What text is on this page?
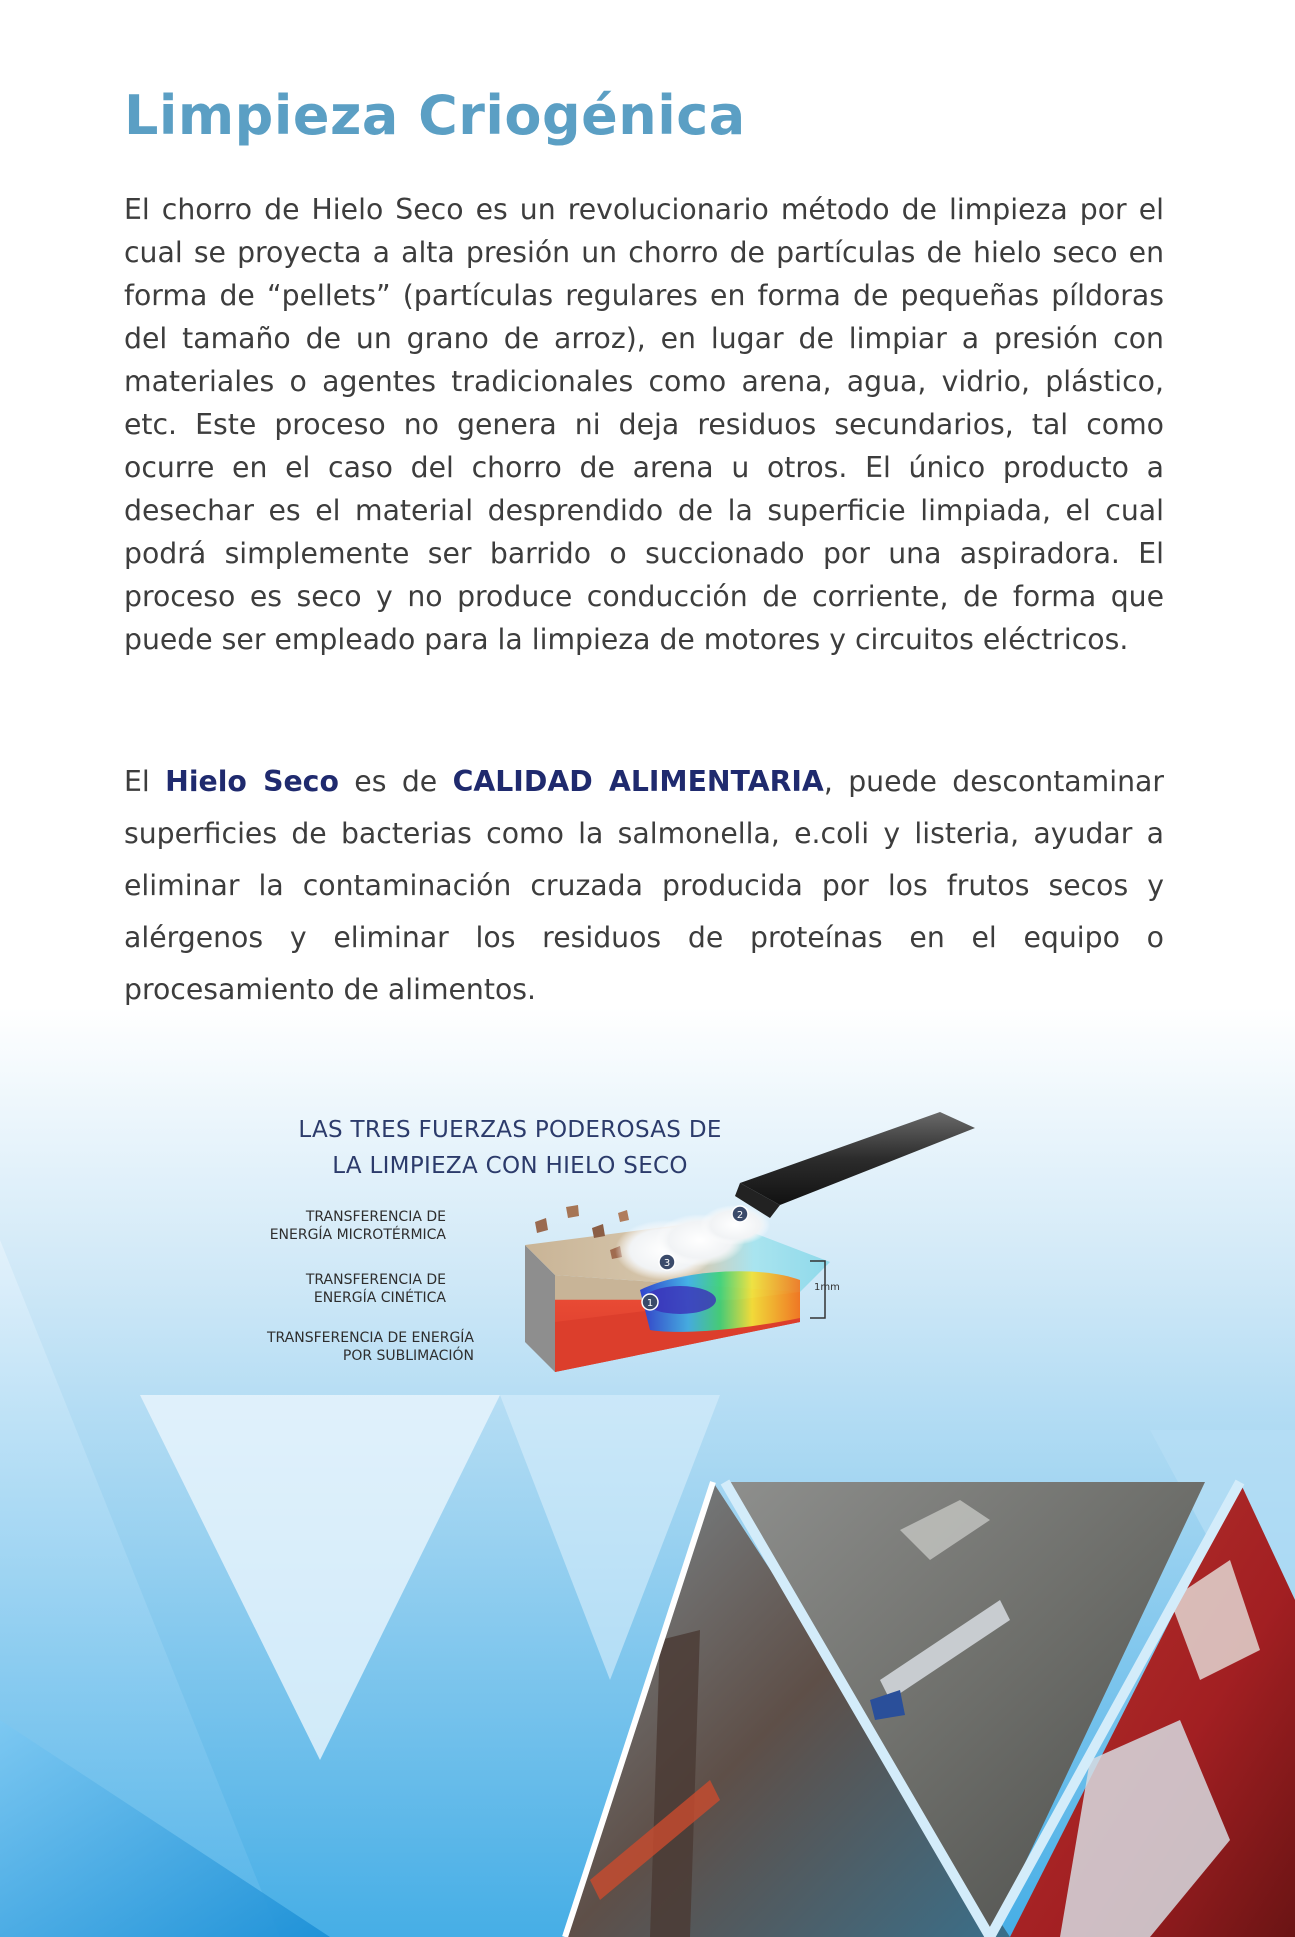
Limpieza Criogénica

El chorro de Hielo Seco es un revolucionario método de limpieza por el cual se proyecta a alta presión un chorro de partículas de hielo seco en forma de “pellets” (partículas regulares en forma de pequeñas píldoras del tamaño de un grano de arroz), en lugar de limpiar a presión con materiales o agentes tradicionales como arena, agua, vidrio, plástico, etc. Este proceso no genera ni deja residuos secundarios, tal como ocurre en el caso del chorro de arena u otros. El único producto a desechar es el material desprendido de la superficie limpiada, el cual podrá simplemente ser barrido o succionado por una aspiradora. El proceso es seco y no produce conducción de corriente, de forma que puede ser empleado para la limpieza de motores y circuitos eléctricos.

El Hielo Seco es de CALIDAD ALIMENTARIA, puede descontaminar superficies de bacterias como la salmonella, e.coli y listeria, ayudar a eliminar la contaminación cruzada producida por los frutos secos y alérgenos y eliminar los residuos de proteínas en el equipo o procesamiento de alimentos.

LAS TRES FUERZAS PODEROSAS DE
LA LIMPIEZA CON HIELO SECO
TRANSFERENCIA DE
ENERGÍA MICROTÉRMICA
TRANSFERENCIA DE
ENERGÍA CINÉTICA
TRANSFERENCIA DE ENERGÍA
POR SUBLIMACIÓN
2
3
1
1mm
